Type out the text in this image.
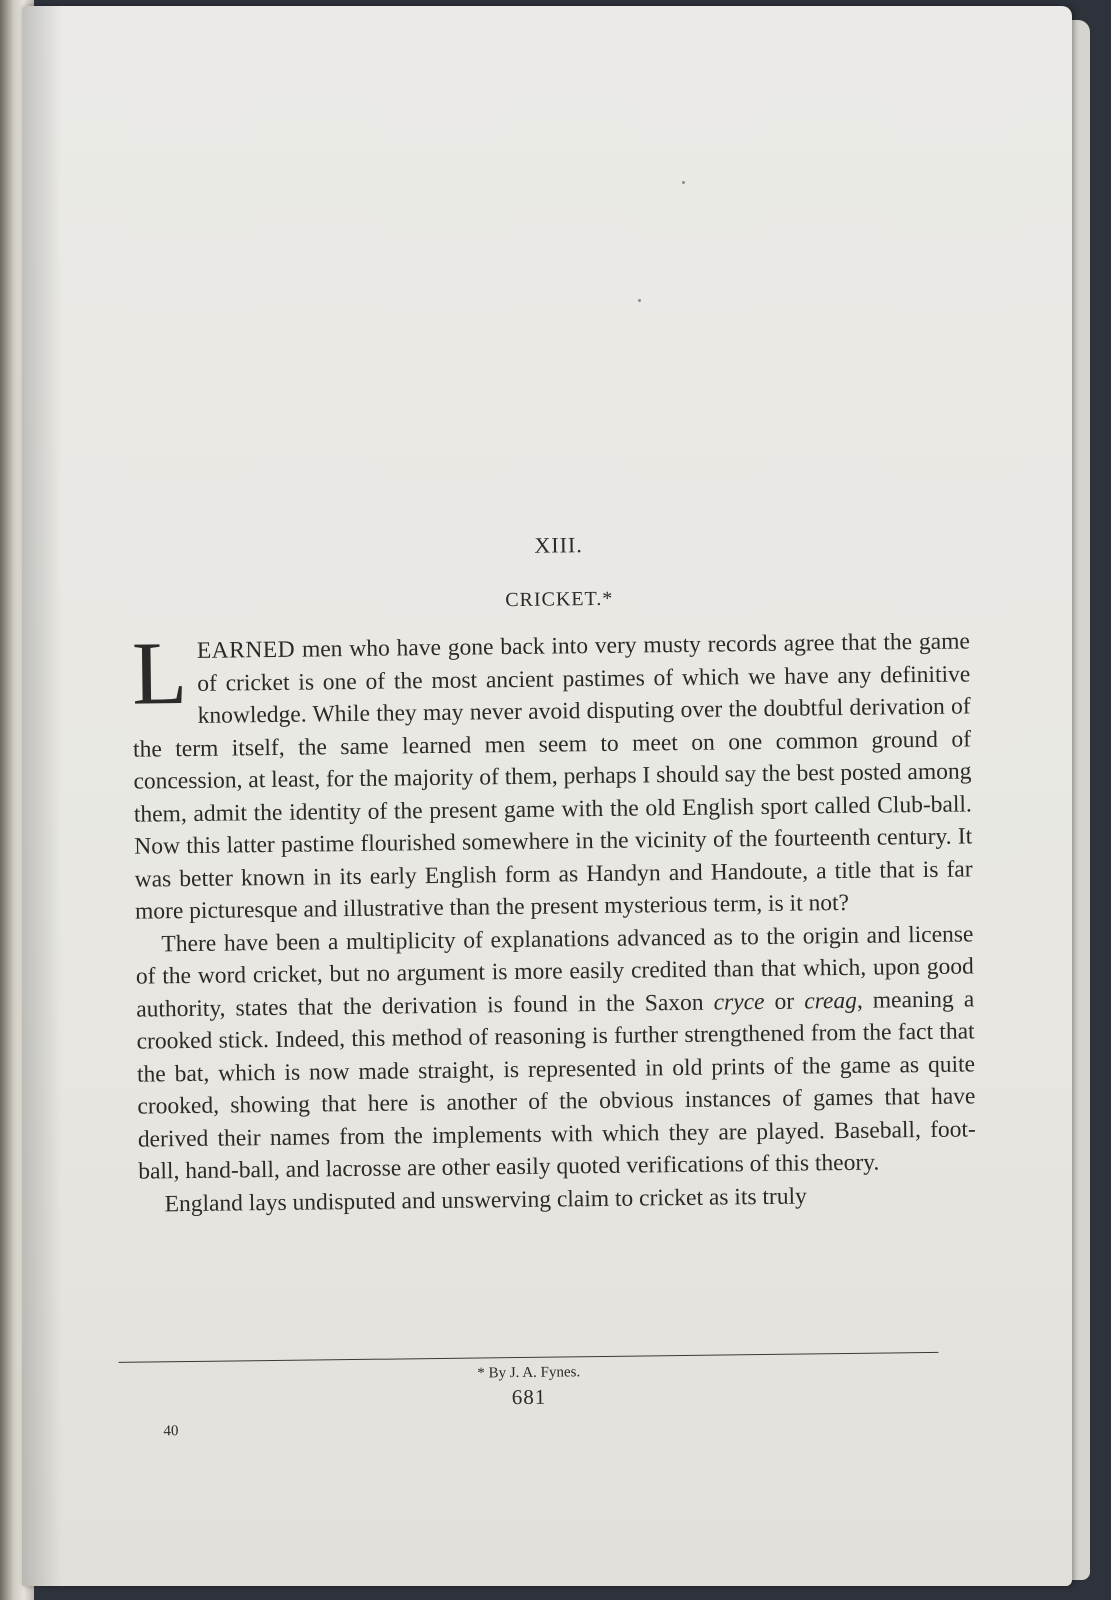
XIII.
CRICKET.*

LEARNED men who have gone back into very musty records agree that the game of cricket is one of the most ancient pastimes of which we have any definitive knowledge. While they may never avoid disputing over the doubtful derivation of the term itself, the same learned men seem to meet on one common ground of concession, at least, for the majority of them, perhaps I should say the best posted among them, admit the identity of the present game with the old English sport called Club-ball. Now this latter pastime flourished somewhere in the vicinity of the fourteenth century. It was better known in its early English form as Handyn and Handoute, a title that is far more picturesque and illustrative than the present mysterious term, is it not?

There have been a multiplicity of explanations advanced as to the origin and license of the word cricket, but no argument is more easily credited than that which, upon good authority, states that the derivation is found in the Saxon cryce or creag, meaning a crooked stick. Indeed, this method of reasoning is further strengthened from the fact that the bat, which is now made straight, is represented in old prints of the game as quite crooked, showing that here is another of the obvious instances of games that have derived their names from the implements with which they are played. Baseball, foot-ball, hand-ball, and lacrosse are other easily quoted verifications of this theory.

England lays undisputed and unswerving claim to cricket as its truly

* By J. A. Fynes.
681
40
